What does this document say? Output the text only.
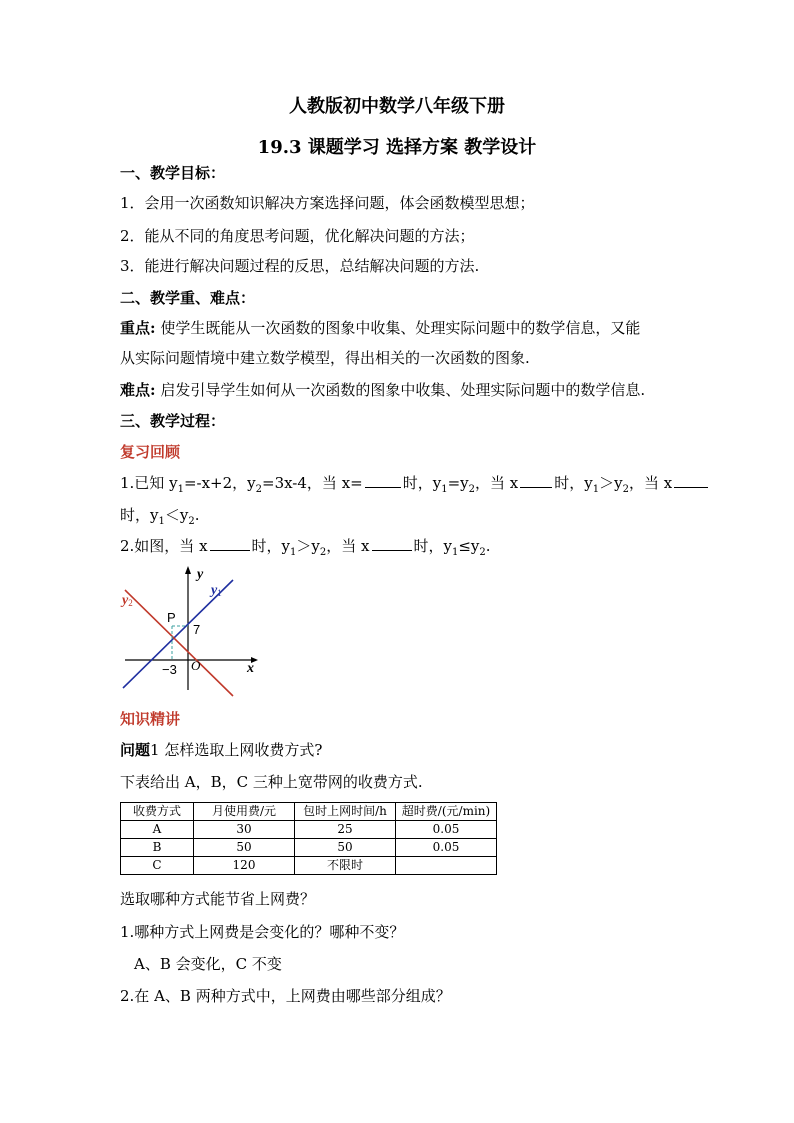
人教版初中数学八年级下册
19.3 课题学习 选择方案 教学设计
一、教学目标：
1．会用一次函数知识解决方案选择问题，体会函数模型思想；
2．能从不同的角度思考问题，优化解决问题的方法；
3．能进行解决问题过程的反思，总结解决问题的方法.
二、教学重、难点：
重点: 使学生既能从一次函数的图象中收集、处理实际问题中的数学信息，又能
从实际问题情境中建立数学模型，得出相关的一次函数的图象.
难点: 启发引导学生如何从一次函数的图象中收集、处理实际问题中的数学信息.
三、教学过程：
复习回顾
1.已知 $y_1=-x+2$，$y_2=3x-4$，当 x=	时，$y_1=y_2$，当 x 时，$y_1>y_2$，当 x
时，$y_1<y_2$.
2.如图，当 x	时，$y_1>y_2$，当 x	时，$y_1\le y_2$.
y
x
y1
y2
P
7
−3 O
知识精讲
问题1 怎样选取上网收费方式?
下表给出 A，B，C 三种上宽带网的收费方式.
收费方式	月使用费/元	包时上网时间/h	超时费/(元/min)
A	30	25	0.05
B	50	50	0.05
C	120	不限时	
选取哪种方式能节省上网费？
1.哪种方式上网费是会变化的？哪种不变？
A、B 会变化，C 不变
2.在 A、B 两种方式中，上网费由哪些部分组成？
